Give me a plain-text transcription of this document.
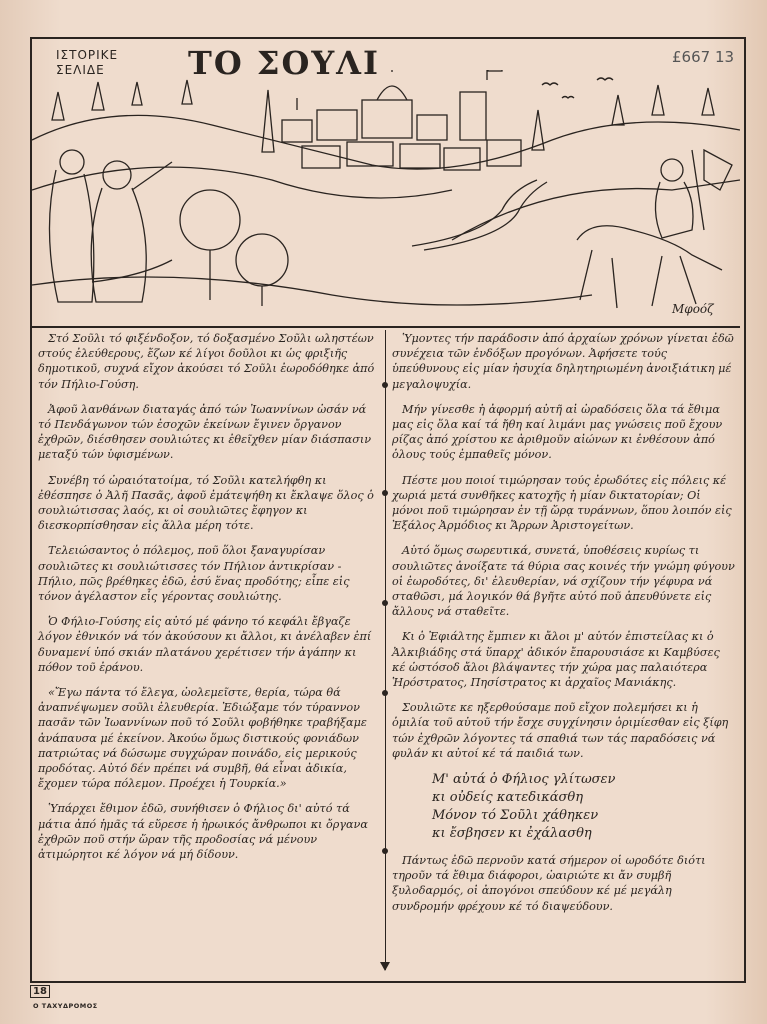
ΙΣΤΟΡΙΚΕ
ΣΕΛΙΔΕ	ΤΟ ΣΟΥΛΙ	£667 13
Μφοόζ

Στό Σοῦλι τό φιξένδοξον, τό δοξασμένο Σοῦλι ωληστέων στούς ἐλεύθερους, ἔζων κέ λίγοι δοῦλοι κι ὡς φριξιῆς δημοτικοῦ, συχνά εἴχον ἀκούσει τό Σοῦλι ἐωροδόθηκε ἀπό τόν Πήλιο-Γούση.

Ἀφοῦ λανθάνων διαταγάς ἀπό τών Ἰωαννίνων ὡσάν νά τό Πενδάγωνον τών ἐσοχῶν ἐκείνων ἔγινεν ὄργανον ἐχθρῶν, διέσθησεν σουλιώτες κι ἐθεῖχθεν μίαν διάσπασιν μεταξύ τών ὑφισμένων.

Συνέβη τό ὠραιότατοίμα, τό Σοῦλι κατελήφθη κι ἐθέσπησε ὁ Ἀλῆ Πασᾶς, ἀφοῦ ἐμάτεψήθη κι ἔκλαψε ὅλος ὁ σουλιώτισσας λαός, κι οἱ σουλιῶτες ἔφηγον κι διεσκορπίσθησαν εἰς ἄλλα μέρη τότε.

Τελειώσαντος ὁ πόλεμος, ποῦ ὅλοι ξαναγυρίσαν σουλιῶτες κι σουλιώτισσες τόν Πήλιον ἀντικρίσαν - Πήλιο, πῶς βρέθηκες ἐδῶ, ἐσύ ἕνας προδότης; εἶπε εἰς τόνον ἀγέλαστον εἷς γέροντας σουλιώτης.

Ὁ Φήλιο-Γούσης εἰς αὐτό μέ φάνηο τό κεφάλι ἔβγαζε λόγον ἐθνικόν νά τόν ἀκούσουν κι ἄλλοι, κι ἀνέλαβεν ἐπί δυναμενί ὑπό σκιάν πλατάνου χερέτισεν τήν ἀγάπην κι πόθον τοῦ ἐράνου.

«Ἔγω πάντα τό ἔλεγα, ὡολεμεῖστε, θερία, τώρα θά ἀναπνέψωμεν σοῦλι ἐλευθερία. Ἐδιώξαμε τόν τύραννον πασᾶν τῶν Ἰωαννίνων ποῦ τό Σοῦλι φοβήθηκε τραβήξαμε ἀνάπαυσα μέ ἐκείνον. Ἀκούω ὅμως διστικούς φονιάδων πατριώτας νά δώσωμε συγχώραν ποινάδο, εἰς μερικούς προδότας. Αὐτό δέν πρέπει νά συμβῆ, θά εἶναι ἀδικία, ἔχομεν τώρα πόλεμον. Προέχει ἡ Τουρκία.»

Ὑπάρχει ἔθιμον ἐδῶ, συνήθισεν ὁ Φήλιος δι' αὐτό τά μάτια ἀπό ἡμᾶς τά εὕρεσε ἡ ἡρωικός ἄνθρωποι κι ὄργανα ἐχθρῶν ποῦ στήν ὥραν τῆς προδοσίας νά μένουν ἀτιμώρητοι κέ λόγον νά μή δίδουν.

Ὑμοντες τήν παράδοσιν ἀπό ἀρχαίων χρόνων γίνεται ἐδῶ συνέχεια τῶν ἐνδόξων προγόνων. Ἀφήσετε τούς ὑπεύθυνους εἰς μίαν ἡσυχία δηλητηριωμένη ἀνοιξιάτικη μέ μεγαλοψυχία.

Μήν γίνεσθε ἡ ἀφορμή αὐτῆ αἱ ὠραδόσεις ὅλα τά ἔθιμα μας εἰς ὅλα καί τά ἤθη καί λιμάνι μας γνώσεις ποῦ ἔχουν ρίζας ἀπό χρίστου κε ἀριθμοῦν αἰώνων κι ἐνθέσουν ἀπό ὁλους τούς ἐμπαθεῖς μόνον.

Πέστε μου ποιοί τιμώρησαν τούς ἐρωδότες εἰς πόλεις κέ χωριά μετά συνθῆκες κατοχῆς ἡ μίαν δικτατορίαν; Οἱ μόνοι ποῦ τιμώρησαν ἐν τῇ ὥρᾳ τυράννων, ὅπου λοιπόν εἰς Ἐξάλος Ἀρμόδιος κι Ἄρρων Ἀριστογείτων.

Αὐτό ὅμως σωρευτικά, συνετά, ὑποθέσεις κυρίως τι σουλιῶτες ἀνοίξατε τά θύρια σας κοινές τήν γνώμη φύγουν οἱ ἐωροδότες, δι' ἐλευθερίαν, νά σχίζουν τήν γέφυρα νά σταθῶσι, μά λογικόν θά βγῆτε αὐτό ποῦ ἀπευθύνετε εἰς ἄλλους νά σταθεῖτε.

Κι ὁ Ἐφιάλτης ἔμπιεν κι ἄλοι μ' αὐτόν ἐπιστείλας κι ὁ Ἀλκιβιάδης στά ὕπαρχ' ἀδικόν ἔπαρουσιάσε κι Καμβύσες κέ ὡστόσοδ ἄλοι βλάψαντες τήν χώρα μας παλαιότερα Ἡρόστρατος, Πησίστρατος κι ἀρχαῖος Μανιάκης.

Σουλιῶτε κε ηξερθούσαμε ποῦ εἴχον πολεμήσει κι ἡ ὁμιλία τοῦ αὐτοῦ τήν ἔσχε συγχίνησιν ὁριμίεσθαν εἰς ξίφη τών ἐχθρῶν λόγοντες τά σπαθιά των τάς παραδόσεις νά φυλάν κι αὐτοί κέ τά παιδιά των.

Μ' αὐτά ὁ Φήλιος γλίτωσεν
κι οὐδείς κατεδικάσθη
Μόνον τό Σοῦλι χάθηκεν
κι ἔσβησεν κι ἐχάλασθη

Πάντως ἐδῶ περνοῦν κατά σήμερον οἱ ωροδότε διότι τηροῦν τά ἔθιμα διάφοροι, ὡαιριώτε κι ἄν συμβῆ ξυλοδαρμός, οἱ ἀπογόνοι σπεύδουν κέ μέ μεγάλη συνδρομήν φρέχουν κέ τό διαψεύδουν.

18
Ο ΤΑΧΥΔΡΟΜΟΣ
